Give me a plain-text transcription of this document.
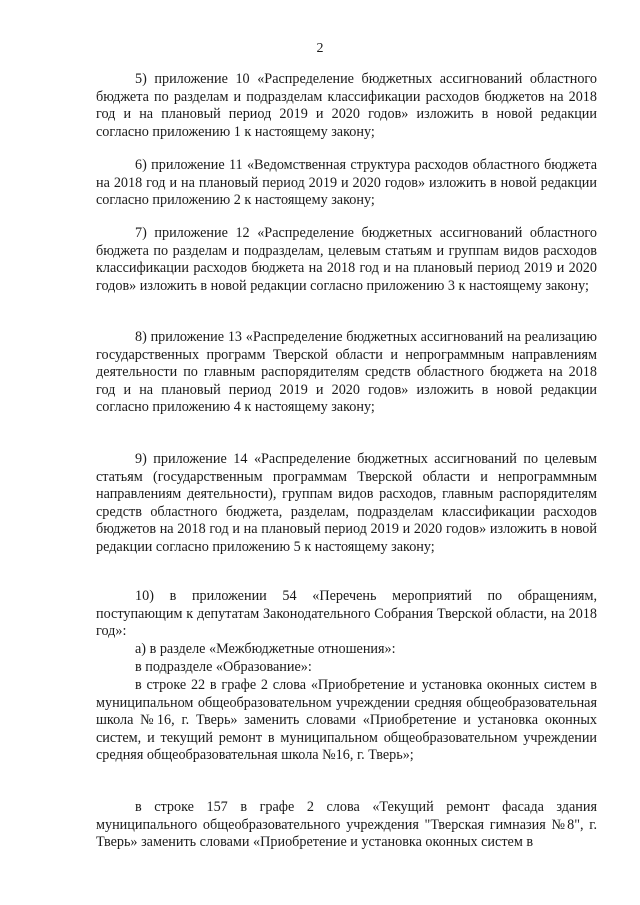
2

5) приложение 10 «Распределение бюджетных ассигнований областного бюджета по разделам и подразделам классификации расходов бюджетов на 2018 год и на плановый период 2019 и 2020 годов» изложить в новой редакции согласно приложению 1 к настоящему закону;

6) приложение 11 «Ведомственная структура расходов областного бюджета на 2018 год и на плановый период 2019 и 2020 годов» изложить в новой редакции согласно приложению 2 к настоящему закону;

7) приложение 12 «Распределение бюджетных ассигнований областного бюджета по разделам и подразделам, целевым статьям и группам видов расходов классификации расходов бюджета на 2018 год и на плановый период 2019 и 2020 годов» изложить в новой редакции согласно приложению 3 к настоящему закону;

8) приложение 13 «Распределение бюджетных ассигнований на реализацию государственных программ Тверской области и непрограммным направлениям деятельности по главным распорядителям средств областного бюджета на 2018 год и на плановый период 2019 и 2020 годов» изложить в новой редакции согласно приложению 4 к настоящему закону;

9) приложение 14 «Распределение бюджетных ассигнований по целевым статьям (государственным программам Тверской области и непрограммным направлениям деятельности), группам видов расходов, главным распорядителям средств областного бюджета, разделам, подразделам классификации расходов бюджетов на 2018 год и на плановый период 2019 и 2020 годов» изложить в новой редакции согласно приложению 5 к настоящему закону;

10) в приложении 54 «Перечень мероприятий по обращениям, поступающим к депутатам Законодательного Собрания Тверской области, на 2018 год»:

а) в разделе «Межбюджетные отношения»:

в подразделе «Образование»:

в строке 22 в графе 2 слова «Приобретение и установка оконных систем в муниципальном общеобразовательном учреждении средняя общеобразовательная школа №16, г. Тверь» заменить словами «Приобретение и установка оконных систем, и текущий ремонт в муниципальном общеобразовательном учреждении средняя общеобразовательная школа №16, г. Тверь»;

в строке 157 в графе 2 слова «Текущий ремонт фасада здания муниципального общеобразовательного учреждения "Тверская гимназия №8", г. Тверь» заменить словами «Приобретение и установка оконных систем в
